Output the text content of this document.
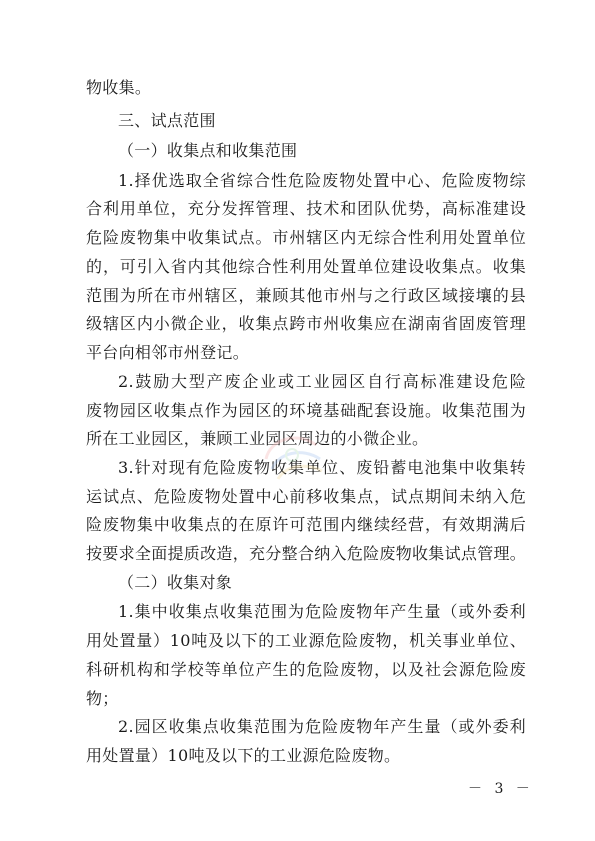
物收集。
三、试点范围
（一）收集点和收集范围
1.择优选取全省综合性危险废物处置中心、危险废物综
合利用单位，充分发挥管理、技术和团队优势，高标准建设
危险废物集中收集试点。市州辖区内无综合性利用处置单位
的，可引入省内其他综合性利用处置单位建设收集点。收集
范围为所在市州辖区，兼顾其他市州与之行政区域接壤的县
级辖区内小微企业，收集点跨市州收集应在湖南省固废管理
平台向相邻市州登记。
2.鼓励大型产废企业或工业园区自行高标准建设危险
废物园区收集点作为园区的环境基础配套设施。收集范围为
所在工业园区，兼顾工业园区周边的小微企业。
3.针对现有危险废物收集单位、废铅蓄电池集中收集转
运试点、危险废物处置中心前移收集点，试点期间未纳入危
险废物集中收集点的在原许可范围内继续经营，有效期满后
按要求全面提质改造，充分整合纳入危险废物收集试点管理。
（二）收集对象
1.集中收集点收集范围为危险废物年产生量（或外委利
用处置量）10吨及以下的工业源危险废物，机关事业单位、
科研机构和学校等单位产生的危险废物，以及社会源危险废
物；
2.园区收集点收集范围为危险废物年产生量（或外委利
用处置量）10吨及以下的工业源危险废物。
－ 3 －
